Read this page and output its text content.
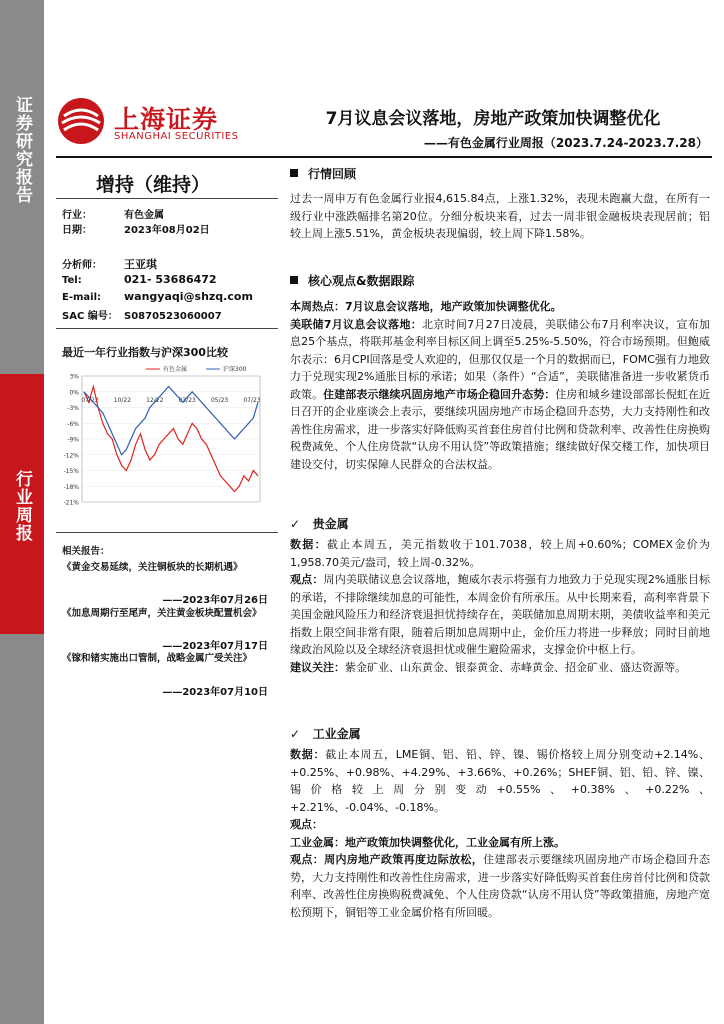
证券研究报告
行业周报
上海证券
SHANGHAI SECURITIES
7月议息会议落地，房地产政策加快调整优化
——有色金属行业周报（2023.7.24-2023.7.28）
增持（维持）
行业：	有色金属
日期：	2023年08月02日
分析师： 王亚琪
Tel:	021- 53686472
E-mail: wangyaqi@shzq.com
SAC 编号： S0870523060007
最近一年行业指数与沪深300比较
3%
0%
-3%
-6%
-9%
-12%
-15%
-18%
-21%
07/22	10/22	12/22	03/23	05/23	07/23
有色金属	沪深300
相关报告：
《黄金交易延续，关注铜板块的长期机遇》
——2023年07月26日
《加息周期行至尾声，关注黄金板块配置机会》
——2023年07月17日
《镓和锗实施出口管制，战略金属广受关注》
——2023年07月10日
行情回顾
过去一周申万有色金属行业报4,615.84点，上涨1.32%，表现未跑赢大盘，在所有一级行业中涨跌幅排名第20位。分细分板块来看，过去一周非银金融板块表现居前；铝较上周上涨5.51%，黄金板块表现偏弱，较上周下降1.58%。
核心观点&数据跟踪
本周热点：7月议息会议落地，地产政策加快调整优化。
美联储7月议息会议落地：北京时间7月27日凌晨，美联储公布7月利率决议，宣布加息25个基点，将联邦基金利率目标区间上调至5.25%-5.50%，符合市场预期。但鲍威尔表示：6月CPI回落是受人欢迎的，但那仅仅是一个月的数据而已，FOMC强有力地致力于兑现实现2%通胀目标的承诺；如果（条件）“合适”，美联储准备进一步收紧货币政策。住建部表示继续巩固房地产市场企稳回升态势：住房和城乡建设部部长倪虹在近日召开的企业座谈会上表示，要继续巩固房地产市场企稳回升态势，大力支持刚性和改善性住房需求，进一步落实好降低购买首套住房首付比例和贷款利率、改善性住房换购税费减免、个人住房贷款“认房不用认贷”等政策措施；继续做好保交楼工作，加快项目建设交付，切实保障人民群众的合法权益。
✓ 贵金属
数据：截止本周五，美元指数收于101.7038，较上周+0.60%；COMEX金价为1,958.70美元/盎司，较上周-0.32%。
观点：周内美联储议息会议落地，鲍威尔表示将强有力地致力于兑现实现2%通胀目标的承诺，不排除继续加息的可能性，本周金价有所承压。从中长期来看，高利率背景下美国金融风险压力和经济衰退担忧持续存在，美联储加息周期末期，美债收益率和美元指数上限空间非常有限，随着后期加息周期中止，金价压力将进一步释放；同时目前地缘政治风险以及全球经济衰退担忧或催生避险需求，支撑金价中枢上行。
建议关注：紫金矿业、山东黄金、银泰黄金、赤峰黄金、招金矿业、盛达资源等。
✓ 工业金属
数据：截止本周五，LME铜、铝、铅、锌、镍、锡价格较上周分别变动+2.14%、+0.25%、+0.98%、+4.29%、+3.66%、+0.26%；SHEF铜、铝、铅、锌、镍、锡价格较上周分别变动+0.55%、+0.38%、+0.22%、+2.21%、-0.04%、-0.18%。
观点：
工业金属：地产政策加快调整优化，工业金属有所上涨。
观点：周内房地产政策再度边际放松，住建部表示要继续巩固房地产市场企稳回升态势，大力支持刚性和改善性住房需求，进一步落实好降低购买首套住房首付比例和贷款利率、改善性住房换购税费减免、个人住房贷款“认房不用认贷”等政策措施，房地产宽松预期下，铜铝等工业金属价格有所回暖。
